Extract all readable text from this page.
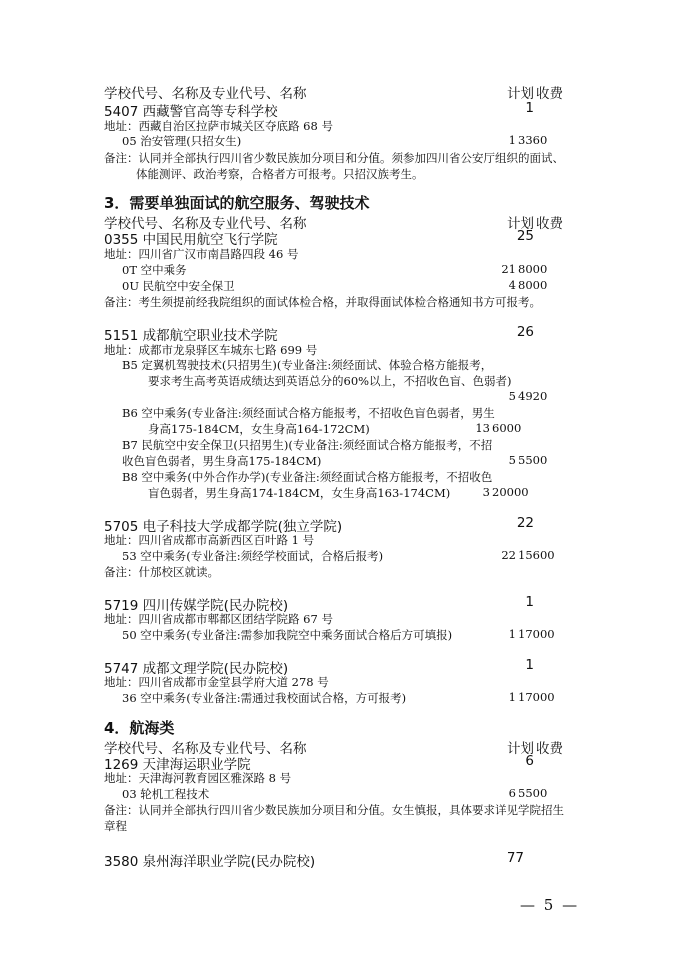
学校代号、名称及专业代号、名称	计划 收费
5407 西藏警官高等专科学校	1
地址：西藏自治区拉萨市城关区夺底路 68 号
05 治安管理(只招女生)	1 3360
备注：认同并全部执行四川省少数民族加分项目和分值。须参加四川省公安厅组织的面试、
体能测评、政治考察，合格者方可报考。只招汉族考生。
3．需要单独面试的航空服务、驾驶技术
学校代号、名称及专业代号、名称	计划 收费
0355 中国民用航空飞行学院	25
地址：四川省广汉市南昌路四段 46 号
0T 空中乘务	21 8000
0U 民航空中安全保卫	4 8000
备注：考生须提前经我院组织的面试体检合格，并取得面试体检合格通知书方可报考。
5151 成都航空职业技术学院	26
地址：成都市龙泉驿区车城东七路 699 号
B5 定翼机驾驶技术(只招男生)(专业备注:须经面试、体验合格方能报考，
要求考生高考英语成绩达到英语总分的60%以上，不招收色盲、色弱者)
5 4920
B6 空中乘务(专业备注:须经面试合格方能报考，不招收色盲色弱者，男生
身高175-184CM，女生身高164-172CM)	13 6000
B7 民航空中安全保卫(只招男生)(专业备注:须经面试合格方能报考，不招
收色盲色弱者，男生身高175-184CM)	5 5500
B8 空中乘务(中外合作办学)(专业备注:须经面试合格方能报考，不招收色
盲色弱者，男生身高174-184CM，女生身高163-174CM)	3 20000
5705 电子科技大学成都学院(独立学院)	22
地址：四川省成都市高新西区百叶路 1 号
53 空中乘务(专业备注:须经学校面试，合格后报考)	22 15600
备注：什邡校区就读。
5719 四川传媒学院(民办院校)	1
地址：四川省成都市郫都区团结学院路 67 号
50 空中乘务(专业备注:需参加我院空中乘务面试合格后方可填报)	1 17000
5747 成都文理学院(民办院校)	1
地址：四川省成都市金堂县学府大道 278 号
36 空中乘务(专业备注:需通过我校面试合格，方可报考)	1 17000
4．航海类
学校代号、名称及专业代号、名称	计划 收费
1269 天津海运职业学院	6
地址：天津海河教育园区雅深路 8 号
03 轮机工程技术	6 5500
备注：认同并全部执行四川省少数民族加分项目和分值。女生慎报，具体要求详见学院招生
章程
3580 泉州海洋职业学院(民办院校)	77
— 5 —
